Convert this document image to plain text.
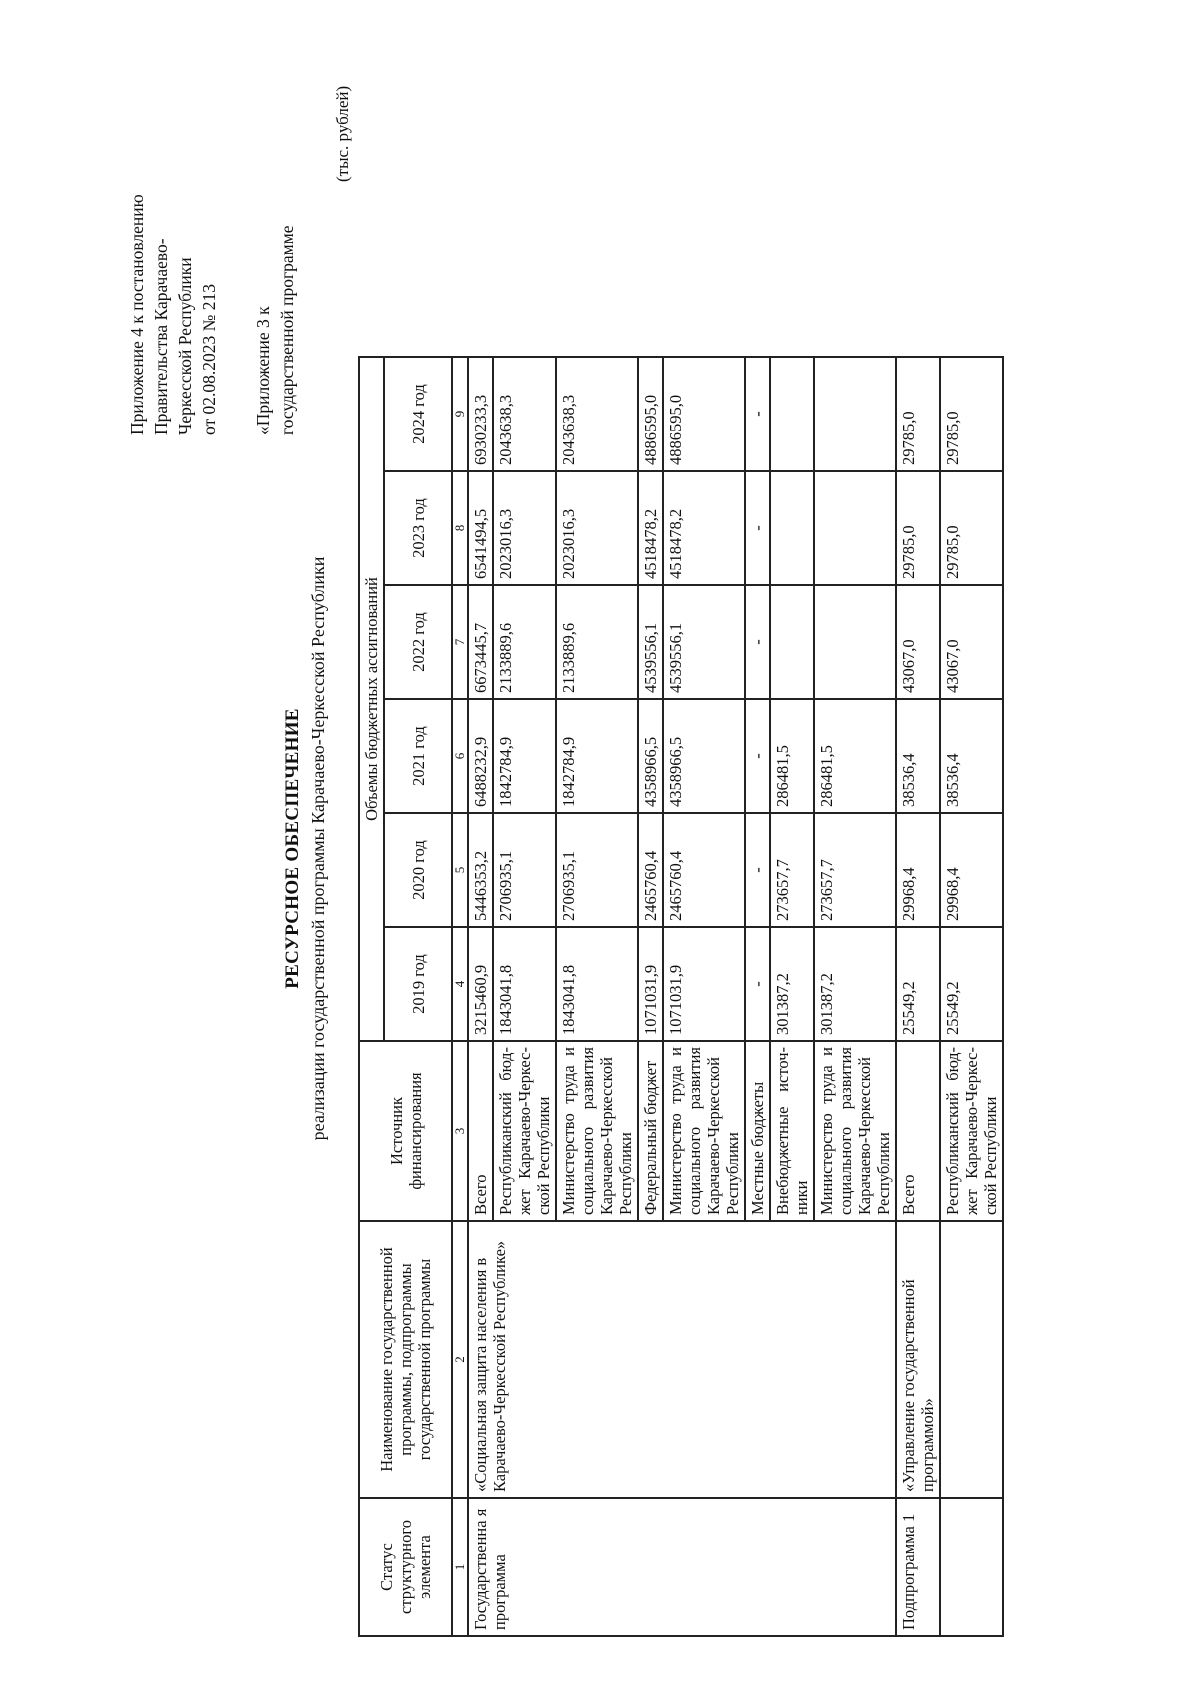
Приложение 4 к постановлению Правительства Карачаево- Черкесской Республики от 02.08.2023 № 213 «Приложение 3 к государственной программе
РЕСУРСНОЕ ОБЕСПЕЧЕНИЕ реализации государственной программы Карачаево-Черкесской Республики
(тыс. рублей)
Статус структурного элемента	Наименование государственной программы, подпрограммы государственной программы	Источник финансирования	Объемы бюджетных ассигнований					
			2019 год	2020 год	2021 год	2022 год	2023 год	2024 год
1	2	3	4	5	6	7	8	9
Государственна я программа	«Социальная защита населения в Карачаево-Черкесской Республике»	Всего	3215460,9	5446353,2	6488232,9	6673445,7	6541494,5	6930233,3
		Республиканский бюд-жет Карачаево-Черкес-ской Республики	1843041,8	2706935,1	1842784,9	2133889,6	2023016,3	2043638,3
		Министерство труда и социального развития Карачаево-Черкесской Республики	1843041,8	2706935,1	1842784,9	2133889,6	2023016,3	2043638,3
		Федеральный бюджет	1071031,9	2465760,4	4358966,5	4539556,1	4518478,2	4886595,0
		Министерство труда и социального развития Карачаево-Черкесской Республики	1071031,9	2465760,4	4358966,5	4539556,1	4518478,2	4886595,0
		Местные бюджеты	-	-	-	-	-	-
		Внебюджетные источ-ники	301387,2	273657,7	286481,5			
		Министерство труда и социального развития Карачаево-Черкесской Республики	301387,2	273657,7	286481,5			
Подпрограмма 1	«Управление государственной программой»	Всего	25549,2	29968,4	38536,4	43067,0	29785,0	29785,0
		Республиканский бюд-жет Карачаево-Черкес-ской Республики	25549,2	29968,4	38536,4	43067,0	29785,0	29785,0
